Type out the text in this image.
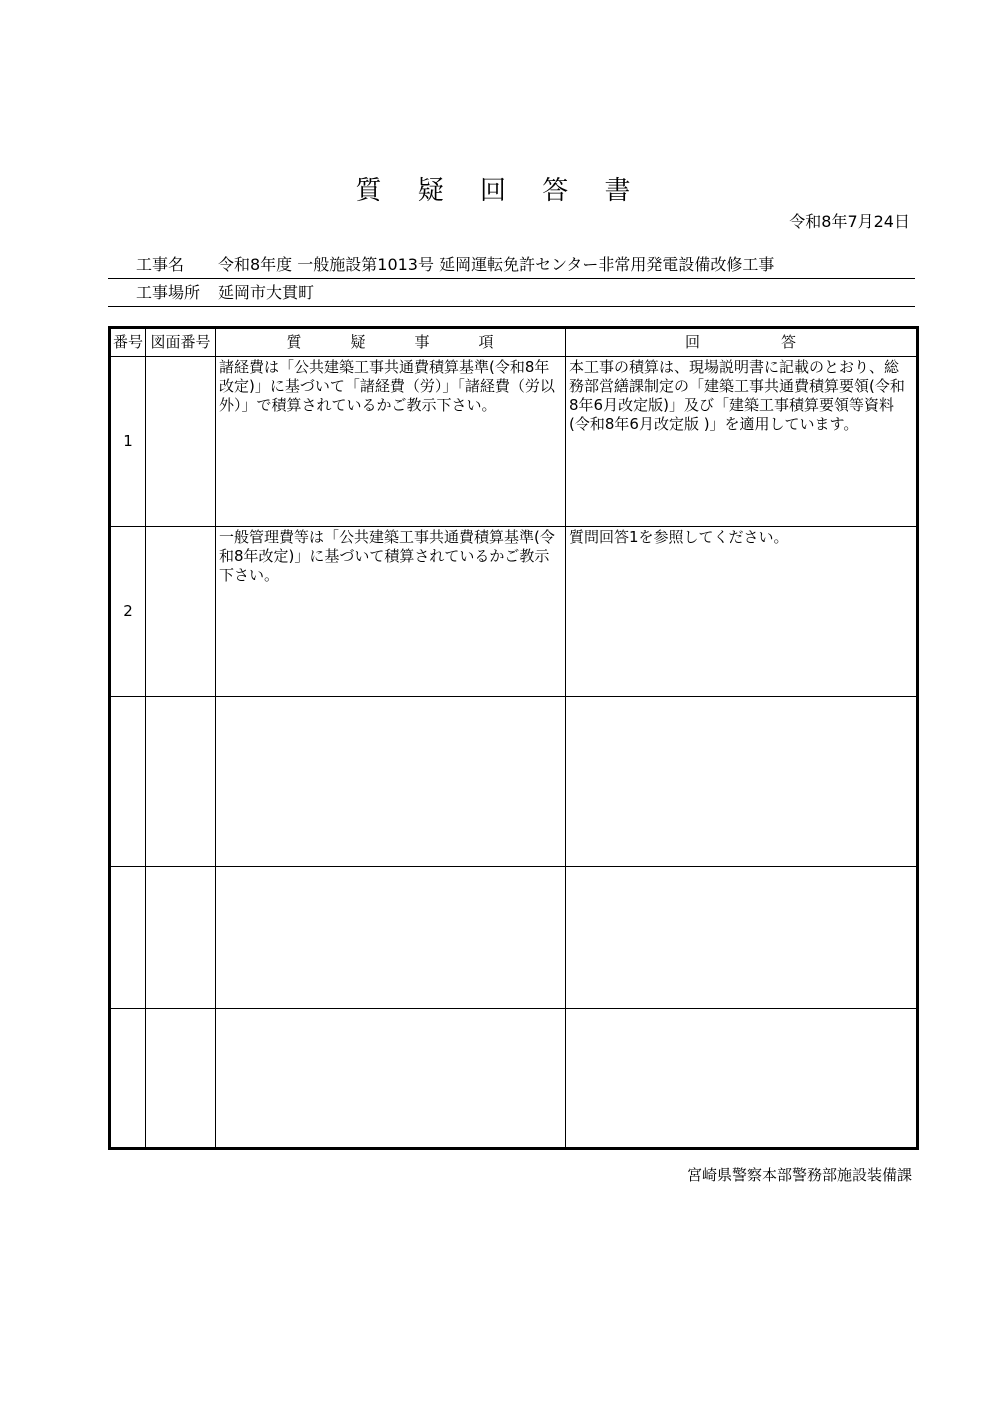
質 疑 回 答 書
令和8年7月24日
工事名 令和8年度 一般施設第1013号 延岡運転免許センター非常用発電設備改修工事
工事場所 延岡市大貫町
番号	図面番号	質　　　疑　　　事　　　項	回　　　　　答
1		諸経費は「公共建築工事共通費積算基準(令和8年改定)」に基づいて「諸経費（労）」「諸経費（労以外）」で積算されているかご教示下さい。	本工事の積算は、現場説明書に記載のとおり、総務部営繕課制定の「建築工事共通費積算要領(令和8年6月改定版)」及び「建築工事積算要領等資料(令和8年6月改定版 )」を適用しています。
2		一般管理費等は「公共建築工事共通費積算基準(令和8年改定)」に基づいて積算されているかご教示下さい。	質問回答1を参照してください。

宮崎県警察本部警務部施設装備課
